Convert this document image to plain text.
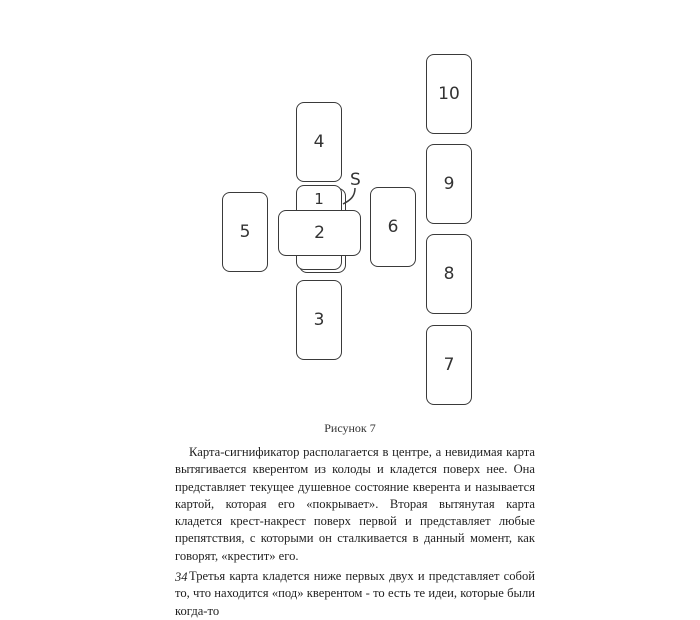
1
2
S
3
4
5	6
7
8
9
10
Рисунок 7

Карта-сигнификатор располагается в центре, а невидимая карта вытягивается кверентом из колоды и кладется поверх нее. Она представляет текущее душевное состояние кверента и называется картой, которая его «покрывает». Вторая вытянутая карта кладется крест-накрест поверх первой и представляет любые препятствия, с которыми он сталкивается в данный момент, как говорят, «крестит» его.

Третья карта кладется ниже первых двух и представляет собой то, что находится «под» кверентом - то есть те идеи, которые были когда-то

34
